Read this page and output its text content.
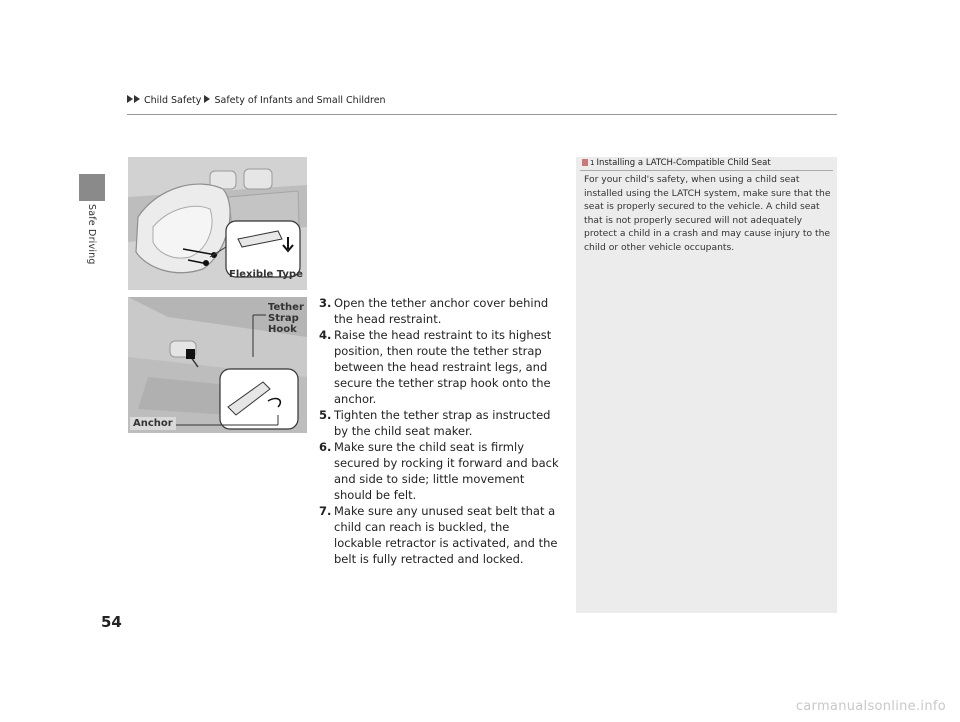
Safe Driving
Child Safety Safety of Infants and Small Children
Flexible Type
Tether
Strap
Hook
Anchor

3. Open the tether anchor cover behind the head restraint.

4. Raise the head restraint to its highest position, then route the tether strap between the head restraint legs, and secure the tether strap hook onto the anchor.

5. Tighten the tether strap as instructed by the child seat maker.

6. Make sure the child seat is firmly secured by rocking it forward and back and side to side; little movement should be felt.

7. Make sure any unused seat belt that a child can reach is buckled, the lockable retractor is activated, and the belt is fully retracted and locked.

1 Installing a LATCH-Compatible Child Seat
For your child's safety, when using a child seat installed using the LATCH system, make sure that the seat is properly secured to the vehicle. A child seat that is not properly secured will not adequately protect a child in a crash and may cause injury to the child or other vehicle occupants.
54
carmanualsonline.info
